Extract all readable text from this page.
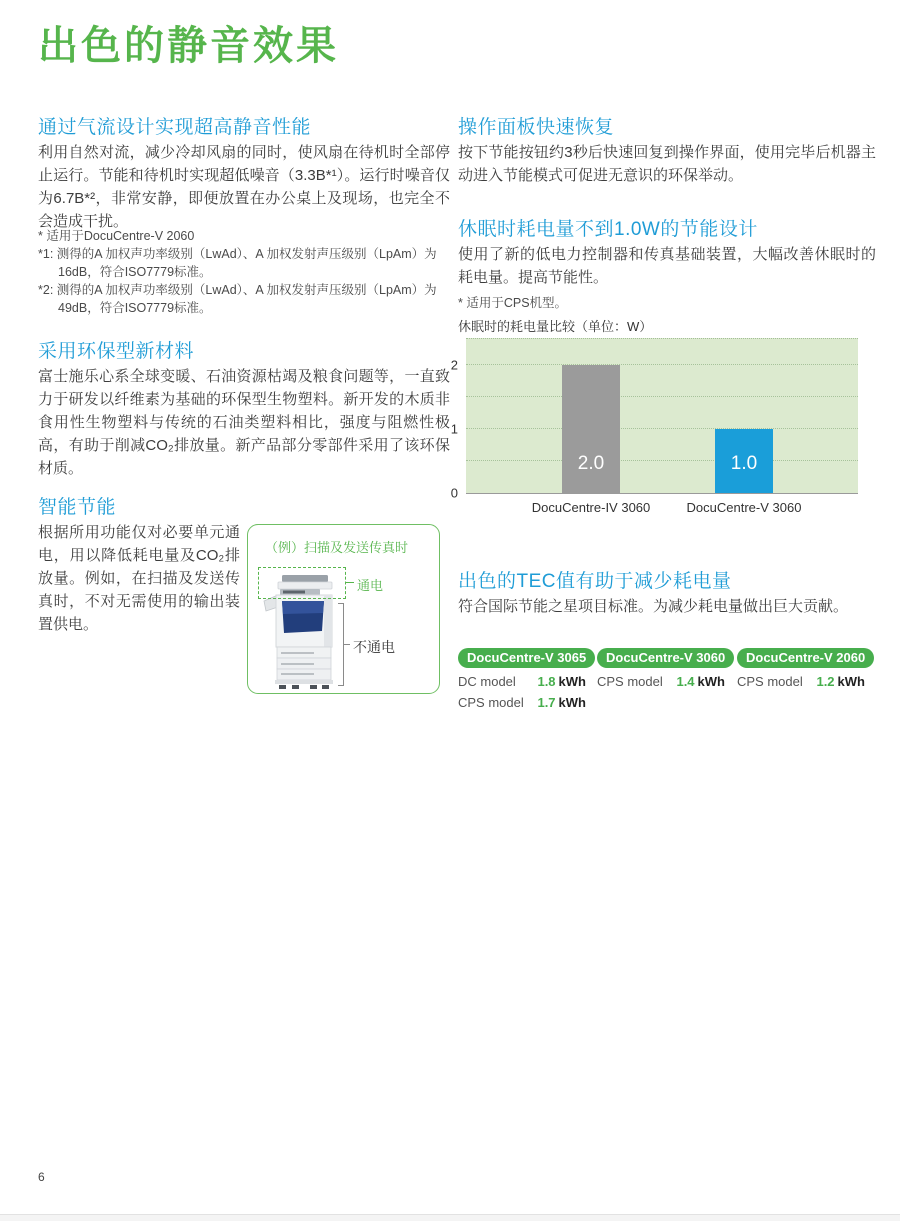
出色的静音效果
通过气流设计实现超高静音性能

利用自然对流，减少冷却风扇的同时，使风扇在待机时全部停止运行。节能和待机时实现超低噪音（3.3B*¹）。运行时噪音仅为6.7B*²，非常安静，即便放置在办公桌上及现场，也完全不会造成干扰。

* 适用于DocuCentre-V 2060
*1: 测得的A 加权声功率级别（LwAd）、A 加权发射声压级别（LpAm）为16dB，符合ISO7779标准。
*2: 测得的A 加权声功率级别（LwAd）、A 加权发射声压级别（LpAm）为49dB，符合ISO7779标准。
采用环保型新材料

富士施乐心系全球变暖、石油资源枯竭及粮食问题等，一直致力于研发以纤维素为基础的环保型生物塑料。新开发的木质非食用性生物塑料与传统的石油类塑料相比，强度与阻燃性极高，有助于削减CO₂排放量。新产品部分零部件采用了该环保材质。

智能节能

根据所用功能仅对必要单元通电，用以降低耗电量及CO₂排放量。例如，在扫描及发送传真时，不对无需使用的输出装置供电。

（例）扫描及发送传真时
通电
不通电
操作面板快速恢复

按下节能按钮约3秒后快速回复到操作界面，使用完毕后机器主动进入节能模式可促进无意识的环保举动。

休眠时耗电量不到1.0W的节能设计

使用了新的低电力控制器和传真基础装置，大幅改善休眠时的耗电量。提高节能性。

* 适用于CPS机型。
休眠时的耗电量比较（单位：W）
2
1
0
2.0	1.0
DocuCentre-IV 3060	DocuCentre-V 3060
出色的TEC值有助于减少耗电量

符合国际节能之星项目标准。为减少耗电量做出巨大贡献。

DocuCentre-V 3065
DC model 1.8 kWh
CPS model 1.7 kWh
DocuCentre-V 3060
CPS model 1.4 kWh
DocuCentre-V 2060
CPS model 1.2 kWh
6
